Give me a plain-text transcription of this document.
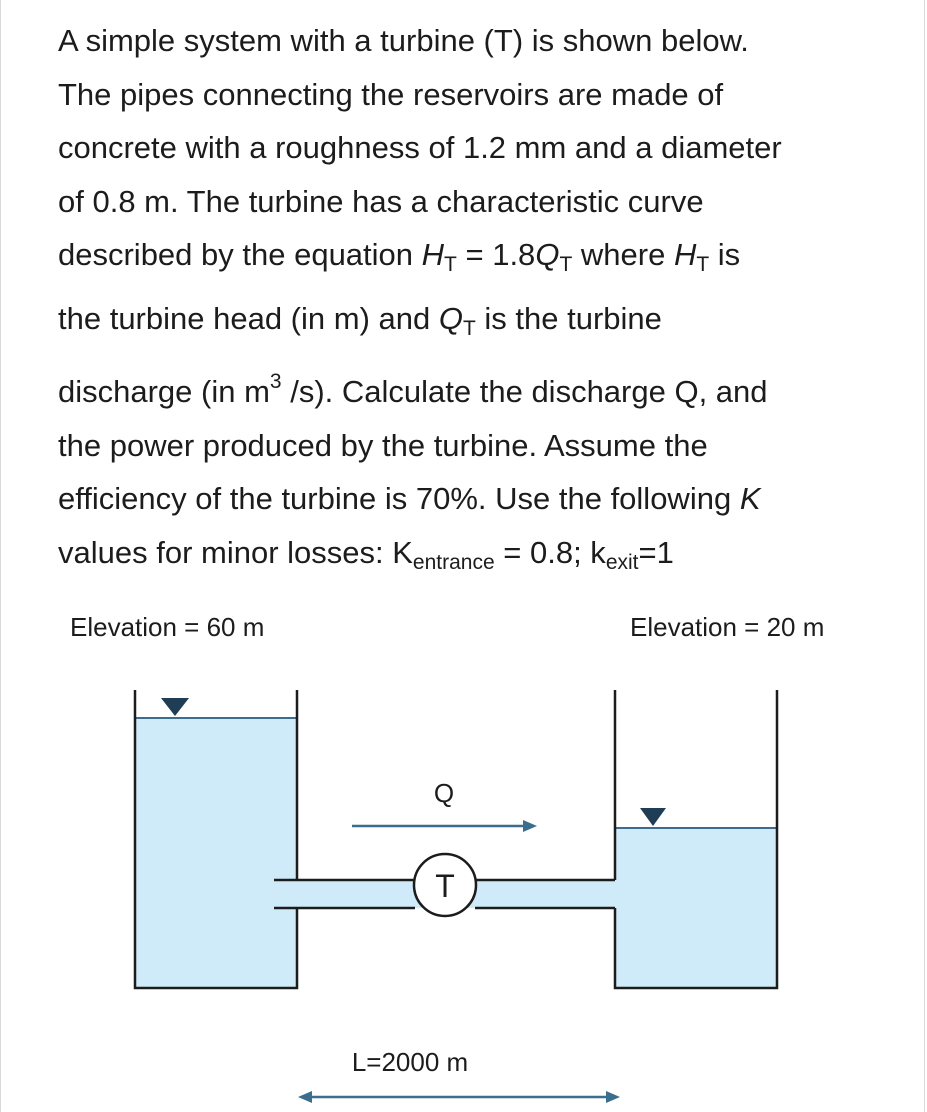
A simple system with a turbine (T) is shown below.

The pipes connecting the reservoirs are made of

concrete with a roughness of 1.2 mm and a diameter

of 0.8 m. The turbine has a characteristic curve

described by the equation $H_T = 1.8Q_T$ where $H_T$ is

the turbine head (in m) and $Q_T$ is the turbine

discharge (in $m^3$ /s). Calculate the discharge Q, and

the power produced by the turbine. Assume the

efficiency of the turbine is 70%. Use the following K

values for minor losses: $K_{entrance} = 0.8$; $k_{exit}=1$

Elevation = 60 m	Elevation = 20 m
T
Q
L=2000 m
